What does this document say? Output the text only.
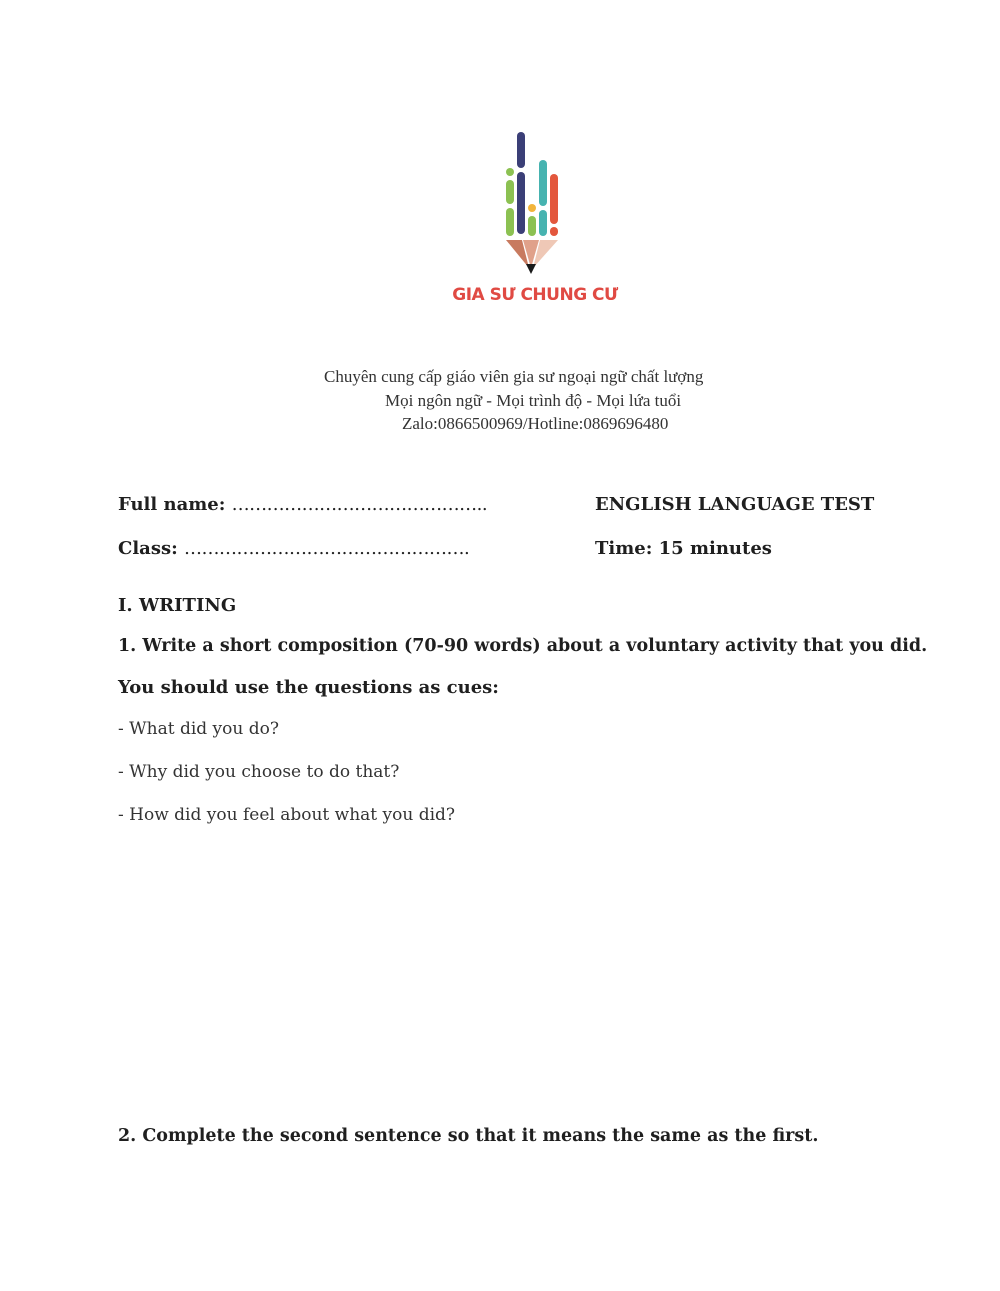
GIA SƯ CHUNG CƯ
Chuyên cung cấp giáo viên gia sư ngoại ngữ chất lượng
Mọi ngôn ngữ - Mọi trình độ - Mọi lứa tuổi
Zalo:0866500969/Hotline:0869696480
Full name: ……………………………………..	ENGLISH LANGUAGE TEST
Class: ………………………………………….	Time: 15 minutes
I. WRITING
1. Write a short composition (70-90 words) about a voluntary activity that you did.
You should use the questions as cues:
- What did you do?
- Why did you choose to do that?
- How did you feel about what you did?
2. Complete the second sentence so that it means the same as the first.
